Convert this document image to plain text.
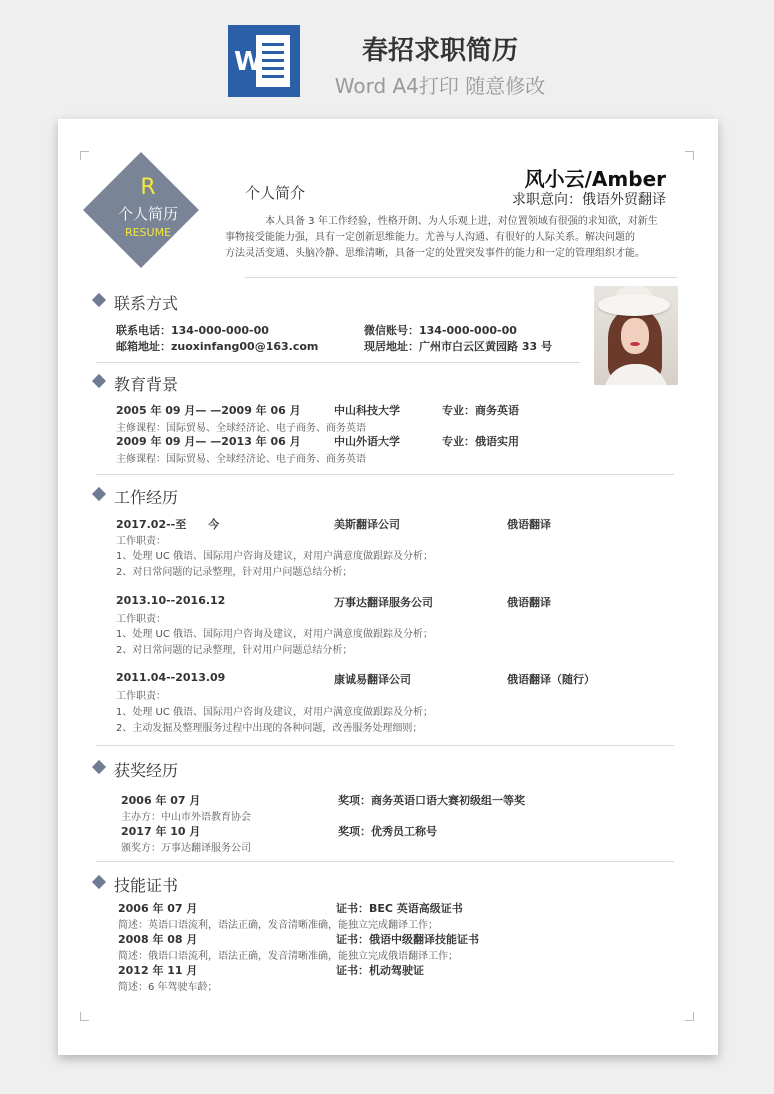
W	春招求职简历
Word A4打印 随意修改
R
个人简历
RESUME
个人简介
风小云/Amber
求职意向：俄语外贸翻译
本人具备 3 年工作经验，性格开朗、为人乐观上进，对位置领域有很强的求知欲，对新生
事物接受能能力强，具有一定创新思维能力。尤善与人沟通、有很好的人际关系。解决问题的
方法灵活变通、头脑冷静、思维清晰，具备一定的处置突发事件的能力和一定的管理组织才能。
联系方式
联系电话：134-000-000-00	微信账号：134-000-000-00
邮箱地址：zuoxinfang00@163.com	现居地址：广州市白云区黄园路 33 号
教育背景
2005 年 09 月— —2009 年 06 月	中山科技大学	专业：商务英语
主修课程：国际贸易、全球经济论、电子商务、商务英语
2009 年 09 月— —2013 年 06 月	中山外语大学	专业：俄语实用
主修课程：国际贸易、全球经济论、电子商务、商务英语
工作经历
2017.02--至　　今	美斯翻译公司	俄语翻译
工作职责：
1、处理 UC 俄语、国际用户咨询及建议，对用户满意度做跟踪及分析；
2、对日常问题的记录整理，针对用户问题总结分析；
2013.10--2016.12	万事达翻译服务公司	俄语翻译
工作职责：
1、处理 UC 俄语、国际用户咨询及建议，对用户满意度做跟踪及分析；
2、对日常问题的记录整理，针对用户问题总结分析；
2011.04--2013.09	康诚易翻译公司	俄语翻译（随行）
工作职责：
1、处理 UC 俄语、国际用户咨询及建议，对用户满意度做跟踪及分析；
2、主动发掘及整理服务过程中出现的各种问题，改善服务处理细则；
获奖经历
2006 年 07 月	奖项：商务英语口语大赛初级组一等奖
主办方：中山市外语教育协会
2017 年 10 月	奖项：优秀员工称号
颁奖方：万事达翻译服务公司
技能证书
2006 年 07 月	证书：BEC 英语高级证书
简述：英语口语流利，语法正确，发音清晰准确，能独立完成翻译工作；
2008 年 08 月	证书：俄语中级翻译技能证书
简述：俄语口语流利，语法正确，发音清晰准确，能独立完成俄语翻译工作；
2012 年 11 月	证书：机动驾驶证
简述：6 年驾驶车龄；
